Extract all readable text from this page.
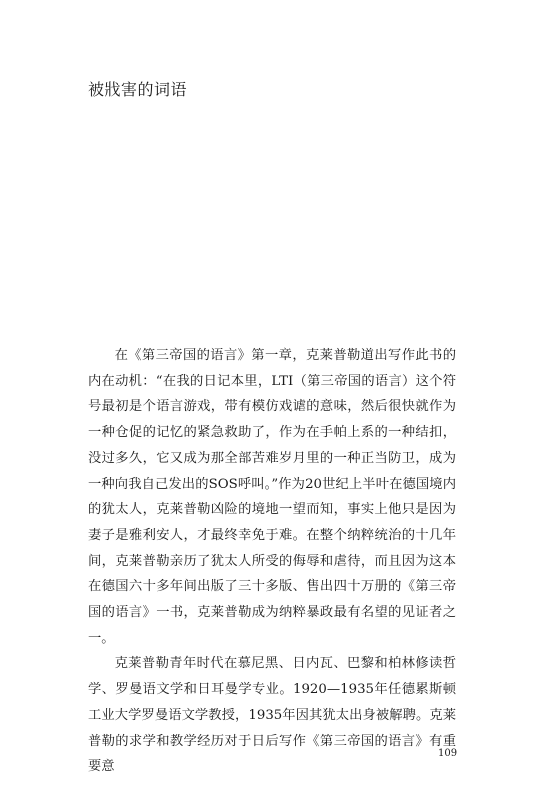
被戕害的词语

在《第三帝国的语言》第一章，克莱普勒道出写作此书的内在动机：“在我的日记本里，LTI（第三帝国的语言）这个符号最初是个语言游戏，带有模仿戏谑的意味，然后很快就作为一种仓促的记忆的紧急救助了，作为在手帕上系的一种结扣，没过多久，它又成为那全部苦难岁月里的一种正当防卫，成为一种向我自己发出的SOS呼叫。”作为20世纪上半叶在德国境内的犹太人，克莱普勒凶险的境地一望而知，事实上他只是因为妻子是雅利安人，才最终幸免于难。在整个纳粹统治的十几年间，克莱普勒亲历了犹太人所受的侮辱和虐待，而且因为这本在德国六十多年间出版了三十多版、售出四十万册的《第三帝国的语言》一书，克莱普勒成为纳粹暴政最有名望的见证者之一。

克莱普勒青年时代在慕尼黑、日内瓦、巴黎和柏林修读哲学、罗曼语文学和日耳曼学专业。1920—1935年任德累斯顿工业大学罗曼语文学教授，1935年因其犹太出身被解聘。克莱普勒的求学和教学经历对于日后写作《第三帝国的语言》有重要意

109
